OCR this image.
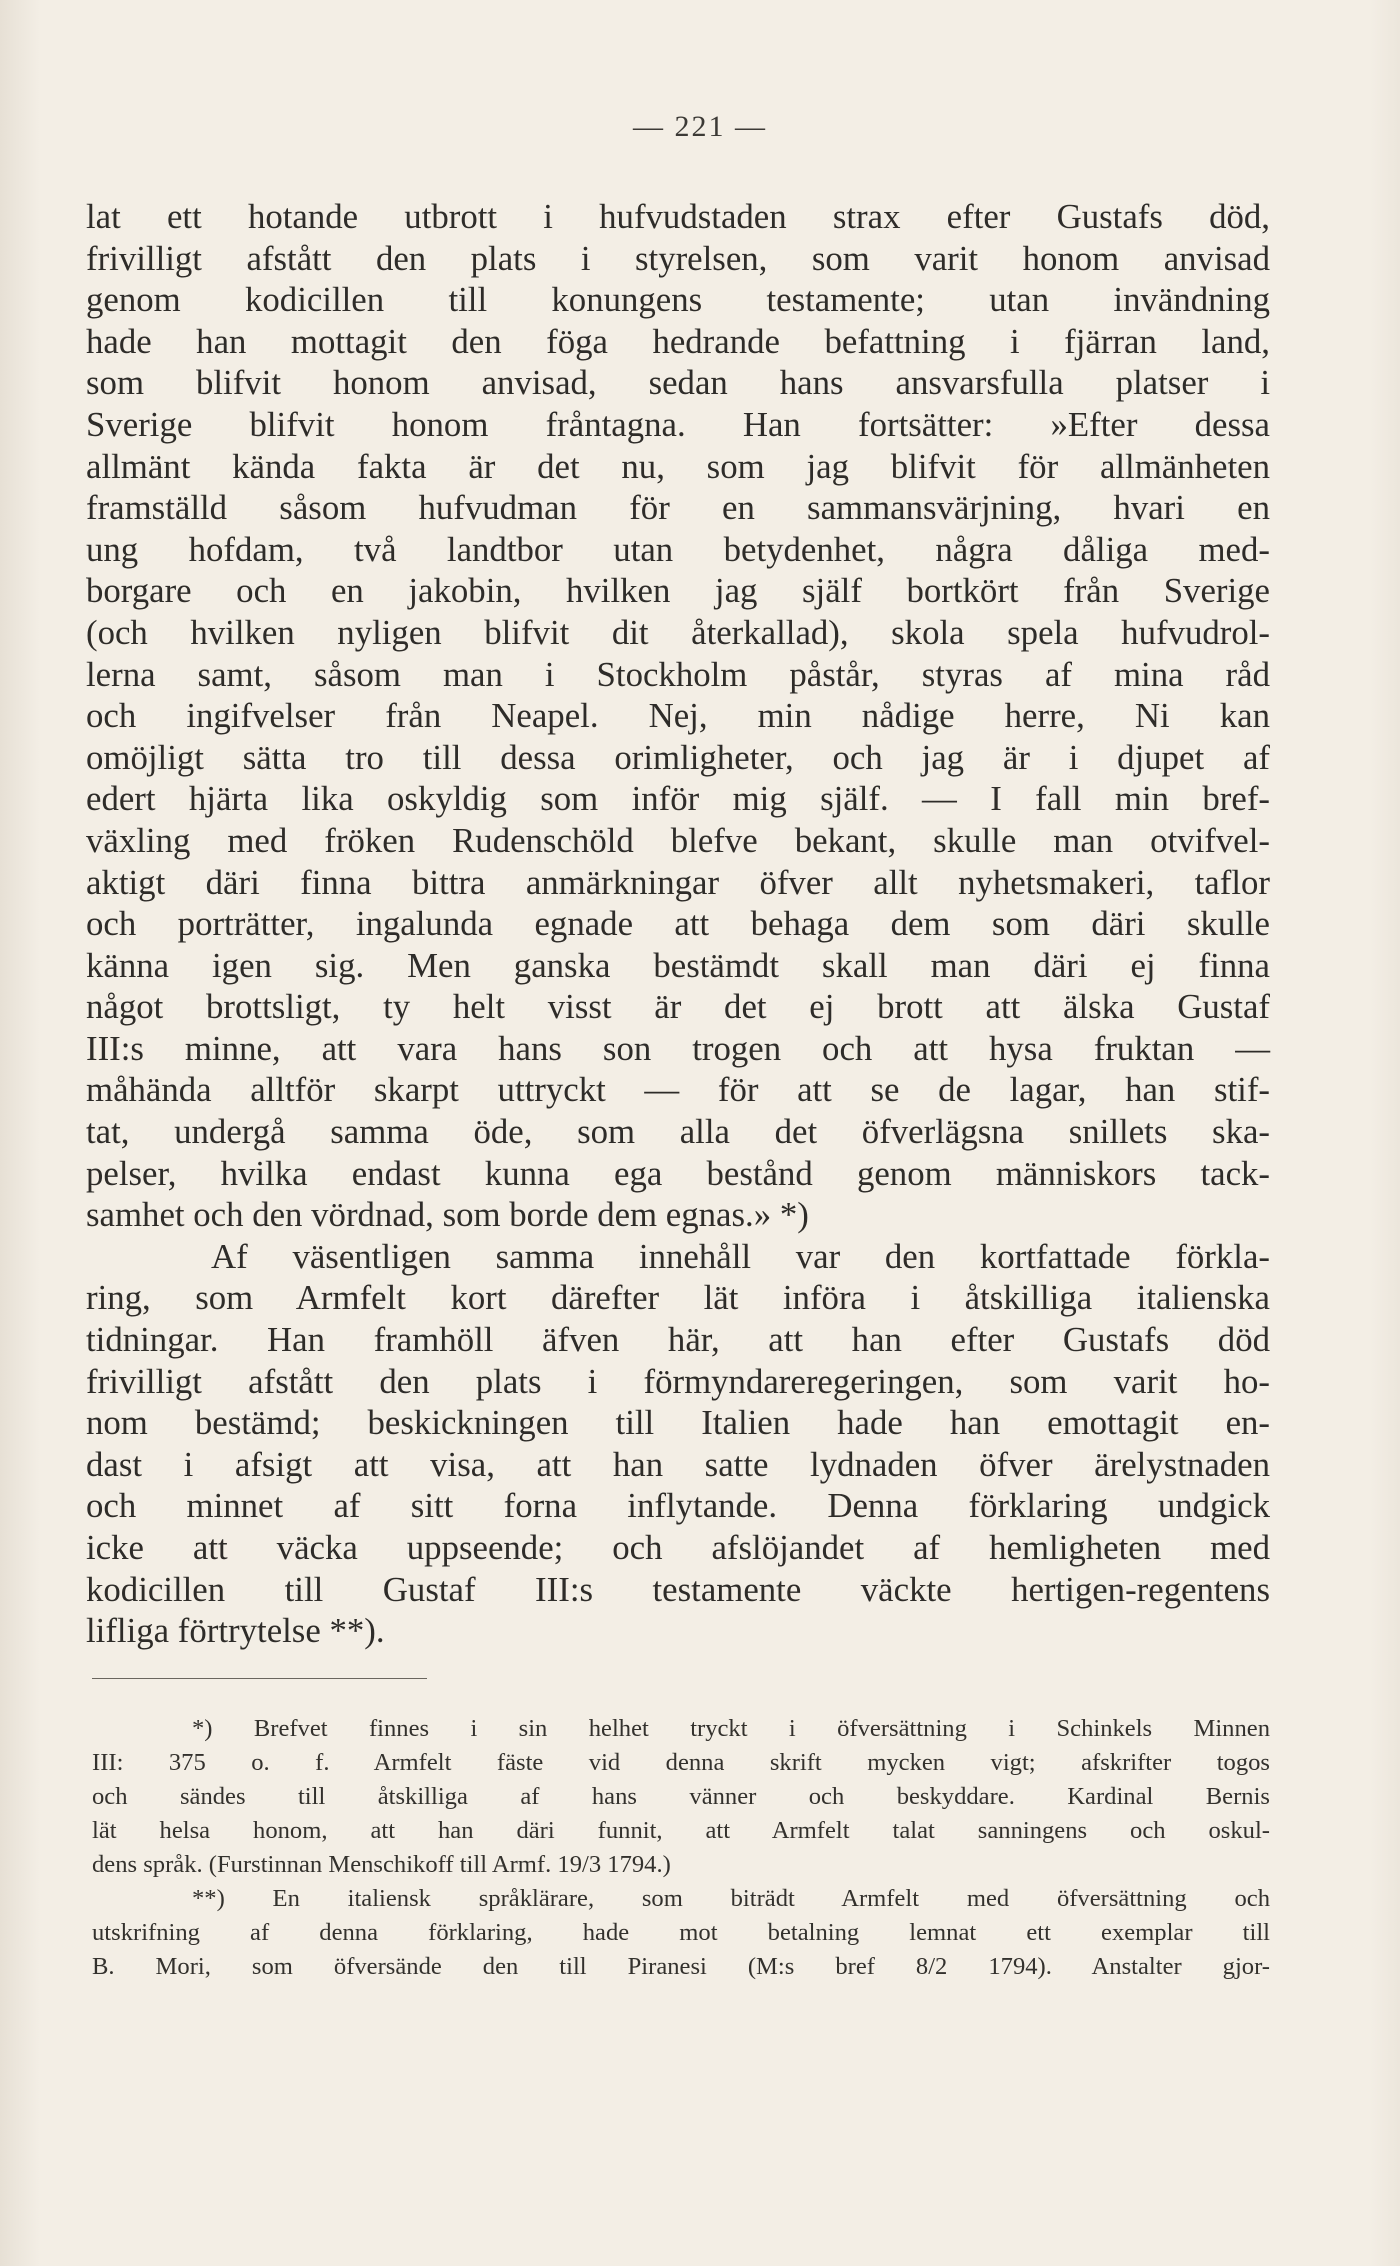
— 221 —
lat ett hotande utbrott i hufvudstaden strax efter Gustafs död,
frivilligt afstått den plats i styrelsen, som varit honom anvisad
genom kodicillen till konungens testamente; utan invändning
hade han mottagit den föga hedrande befattning i fjärran land,
som blifvit honom anvisad, sedan hans ansvarsfulla platser i
Sverige blifvit honom fråntagna. Han fortsätter: »Efter dessa
allmänt kända fakta är det nu, som jag blifvit för allmänheten
framställd såsom hufvudman för en sammansvärjning, hvari en
ung hofdam, två landtbor utan betydenhet, några dåliga med-
borgare och en jakobin, hvilken jag själf bortkört från Sverige
(och hvilken nyligen blifvit dit återkallad), skola spela hufvudrol-
lerna samt, såsom man i Stockholm påstår, styras af mina råd
och ingifvelser från Neapel. Nej, min nådige herre, Ni kan
omöjligt sätta tro till dessa orimligheter, och jag är i djupet af
edert hjärta lika oskyldig som inför mig själf. — I fall min bref-
växling med fröken Rudenschöld blefve bekant, skulle man otvifvel-
aktigt däri finna bittra anmärkningar öfver allt nyhetsmakeri, taflor
och porträtter, ingalunda egnade att behaga dem som däri skulle
känna igen sig. Men ganska bestämdt skall man däri ej finna
något brottsligt, ty helt visst är det ej brott att älska Gustaf
III:s minne, att vara hans son trogen och att hysa fruktan —
måhända alltför skarpt uttryckt — för att se de lagar, han stif-
tat, undergå samma öde, som alla det öfverlägsna snillets ska-
pelser, hvilka endast kunna ega bestånd genom människors tack-
samhet och den vördnad, som borde dem egnas.» *)
Af väsentligen samma innehåll var den kortfattade förkla-
ring, som Armfelt kort därefter lät införa i åtskilliga italienska
tidningar. Han framhöll äfven här, att han efter Gustafs död
frivilligt afstått den plats i förmyndareregeringen, som varit ho-
nom bestämd; beskickningen till Italien hade han emottagit en-
dast i afsigt att visa, att han satte lydnaden öfver ärelystnaden
och minnet af sitt forna inflytande. Denna förklaring undgick
icke att väcka uppseende; och afslöjandet af hemligheten med
kodicillen till Gustaf III:s testamente väckte hertigen-regentens
lifliga förtrytelse **).
*) Brefvet finnes i sin helhet tryckt i öfversättning i Schinkels Minnen
III: 375 o. f. Armfelt fäste vid denna skrift mycken vigt; afskrifter togos
och sändes till åtskilliga af hans vänner och beskyddare. Kardinal Bernis
lät helsa honom, att han däri funnit, att Armfelt talat sanningens och oskul-
dens språk. (Furstinnan Menschikoff till Armf. 19/3 1794.)
**) En italiensk språklärare, som biträdt Armfelt med öfversättning och
utskrifning af denna förklaring, hade mot betalning lemnat ett exemplar till
B. Mori, som öfversände den till Piranesi (M:s bref 8/2 1794). Anstalter gjor-
